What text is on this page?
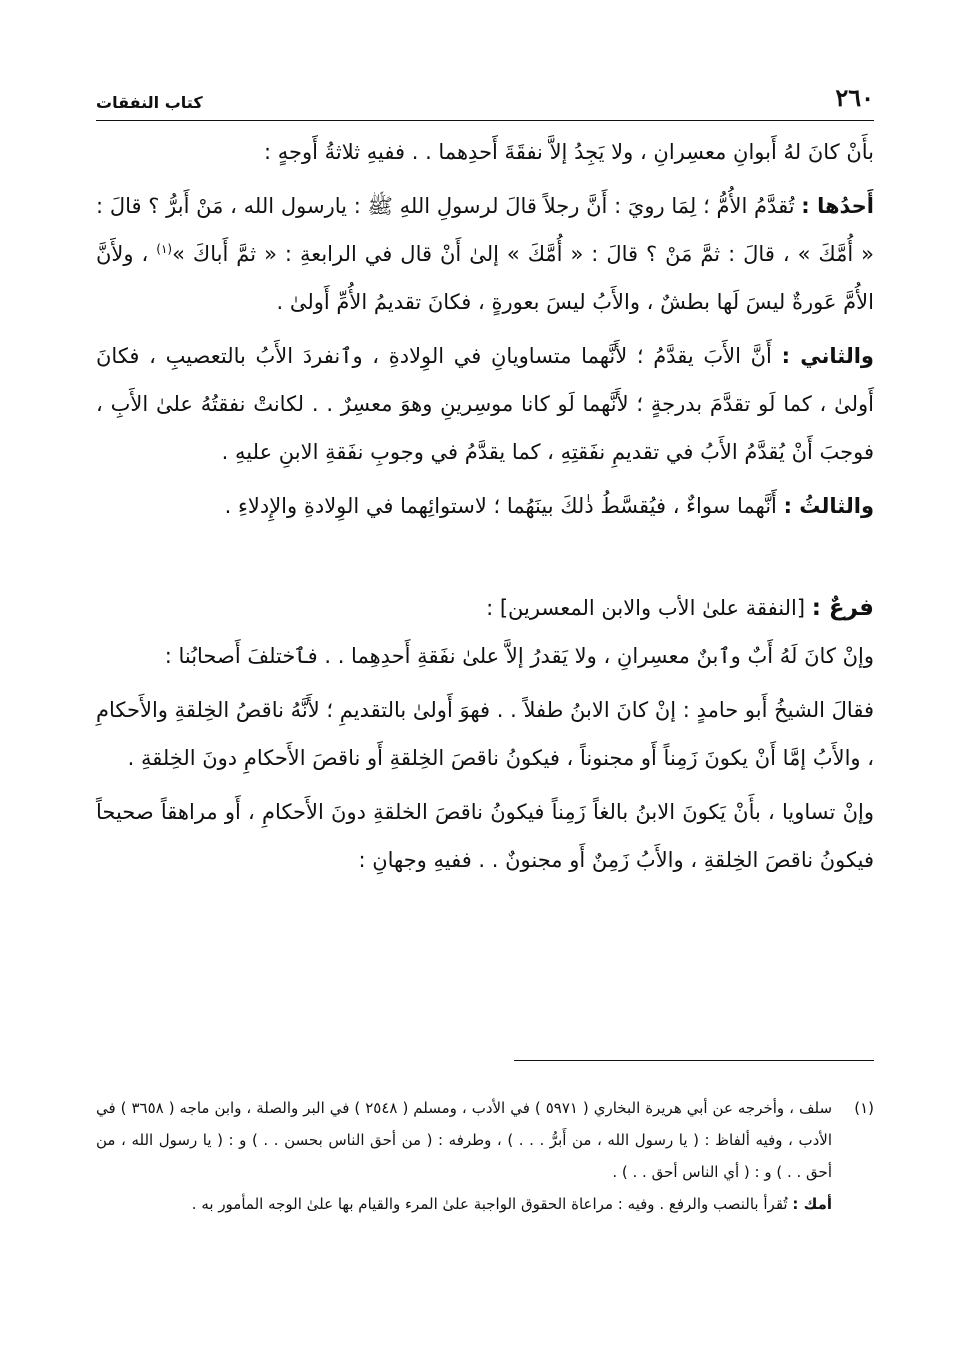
٢٦٠
كتاب النفقات

بأَنْ كانَ لهُ أَبوانِ معسِرانِ ، ولا يَجِدُ إلاَّ نفقَةَ أَحدِهما . . ففيهِ ثلاثةُ أَوجهٍ :

أَحدُها : تُقدَّمُ الأُمُّ ؛ لِمَا رويَ : أَنَّ رجلاً قالَ لرسولِ اللهِ ﷺ : يارسول الله ، مَنْ أَبرُّ ؟ قالَ : « أُمَّكَ » ، قالَ : ثمَّ مَنْ ؟ قالَ : « أُمَّكَ » إلىٰ أَنْ قال في الرابعةِ : « ثمَّ أَباكَ »$^{(١)}$ ، ولأَنَّ الأُمَّ عَورةٌ ليسَ لَها بطشٌ ، والأَبُ ليسَ بعورةٍ ، فكانَ تقديمُ الأُمِّ أَولىٰ .

والثاني : أَنَّ الأَبَ يقدَّمُ ؛ لأَنَّهما متساويانِ في الوِلادةِ ، وٱنفردَ الأَبُ بالتعصيبِ ، فكانَ أَولىٰ ، كما لَو تقدَّمَ بدرجةٍ ؛ لأَنَّهما لَو كانا موسِرينِ وهوَ معسِرٌ . . لكانتْ نفقتُهُ علىٰ الأَبِ ، فوجبَ أَنْ يُقدَّمُ الأَبُ في تقديمِ نفَقتِهِ ، كما يقدَّمُ في وجوبِ نفَقةِ الابنِ عليهِ .

والثالثُ : أَنَّهما سواءٌ ، فيُقسَّطُ ذٰلكَ بينَهُما ؛ لاستوائِهما في الوِلادةِ والإِدلاءِ .

فرعٌ : [النفقة علىٰ الأب والابن المعسرين] :

وإنْ كانَ لَهُ أَبٌ وٱبنٌ معسِرانِ ، ولا يَقدرُ إلاَّ علىٰ نفَقةِ أَحدِهِما . . فٱختلفَ أَصحابُنا :

فقالَ الشيخُ أَبو حامدٍ : إنْ كانَ الابنُ طفلاً . . فهوَ أَولىٰ بالتقديمِ ؛ لأَنَّهُ ناقصُ الخِلقةِ والأَحكامِ ، والأَبُ إمَّا أَنْ يكونَ زَمِناً أَو مجنوناً ، فيكونُ ناقصَ الخِلقةِ أَو ناقصَ الأَحكامِ دونَ الخِلقةِ .

وإنْ تساويا ، بأَنْ يَكونَ الابنُ بالغاً زَمِناً فيكونُ ناقصَ الخلقةِ دونَ الأَحكامِ ، أَو مراهقاً صحيحاً فيكونُ ناقصَ الخِلقةِ ، والأَبُ زَمِنٌ أَو مجنونٌ . . ففيهِ وجهانِ :

(١)

سلف ، وأخرجه عن أبي هريرة البخاري ( ٥٩٧١ ) في الأدب ، ومسلم ( ٢٥٤٨ ) في البر والصلة ، وابن ماجه ( ٣٦٥٨ ) في الأدب ، وفيه ألفاظ : ( يا رسول الله ، من أَبرُّ . . . ) ، وطرفه : ( من أحق الناس بحسن . . ) و : ( يا رسول الله ، من أحق . . ) و : ( أي الناس أحق . . ) .

أمك : تُقرأ بالنصب والرفع . وفيه : مراعاة الحقوق الواجبة علىٰ المرء والقيام بها علىٰ الوجه المأمور به .
